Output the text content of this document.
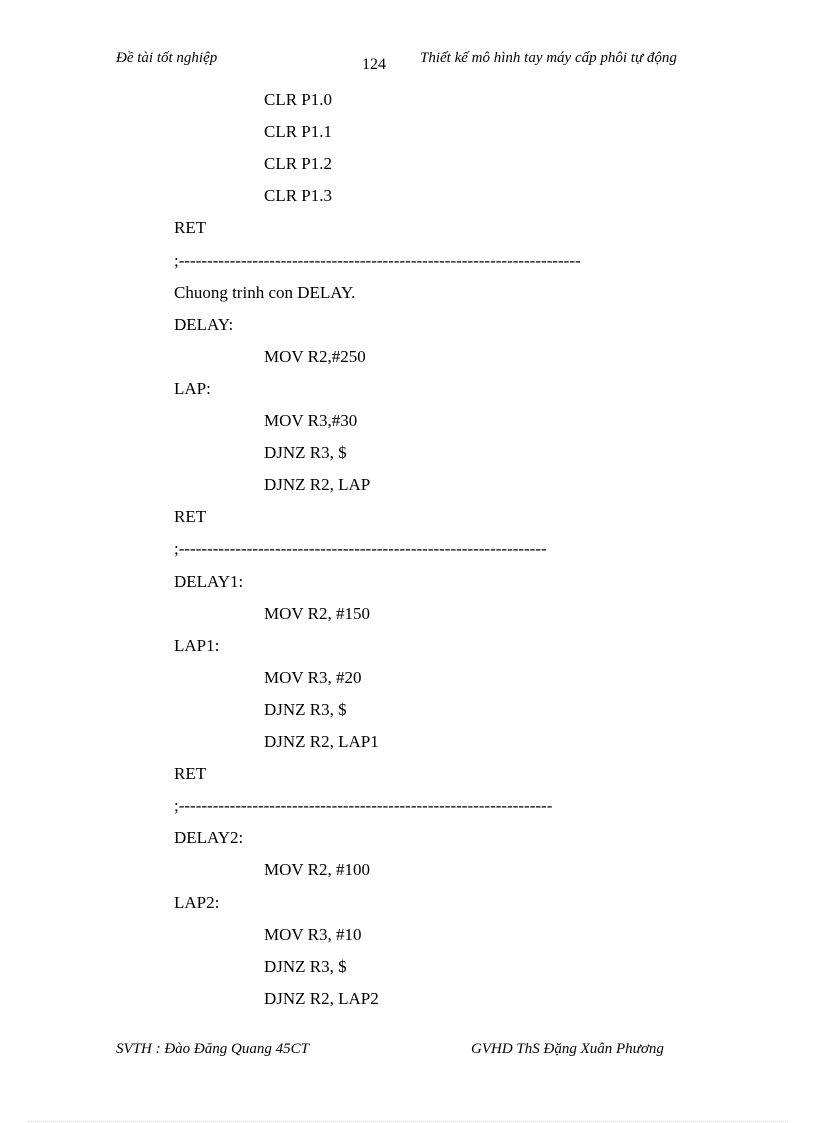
Đề tài tốt nghiệp	124 Thiết kế mô hình tay máy cấp phôi tự động
CLR P1.0
CLR P1.1
CLR P1.2
CLR P1.3
RET
;-----------------------------------------------------------------------
Chuong trinh con DELAY.
DELAY:
MOV R2,#250
LAP:
MOV R3,#30
DJNZ R3, $
DJNZ R2, LAP
RET
;-----------------------------------------------------------------
DELAY1:
MOV R2, #150
LAP1:
MOV R3, #20
DJNZ R3, $
DJNZ R2, LAP1
RET
;------------------------------------------------------------------
DELAY2:
MOV R2, #100
LAP2:
MOV R3, #10
DJNZ R3, $
DJNZ R2, LAP2
SVTH : Đào Đăng Quang 45CT	GVHD ThS Đặng Xuân Phương
